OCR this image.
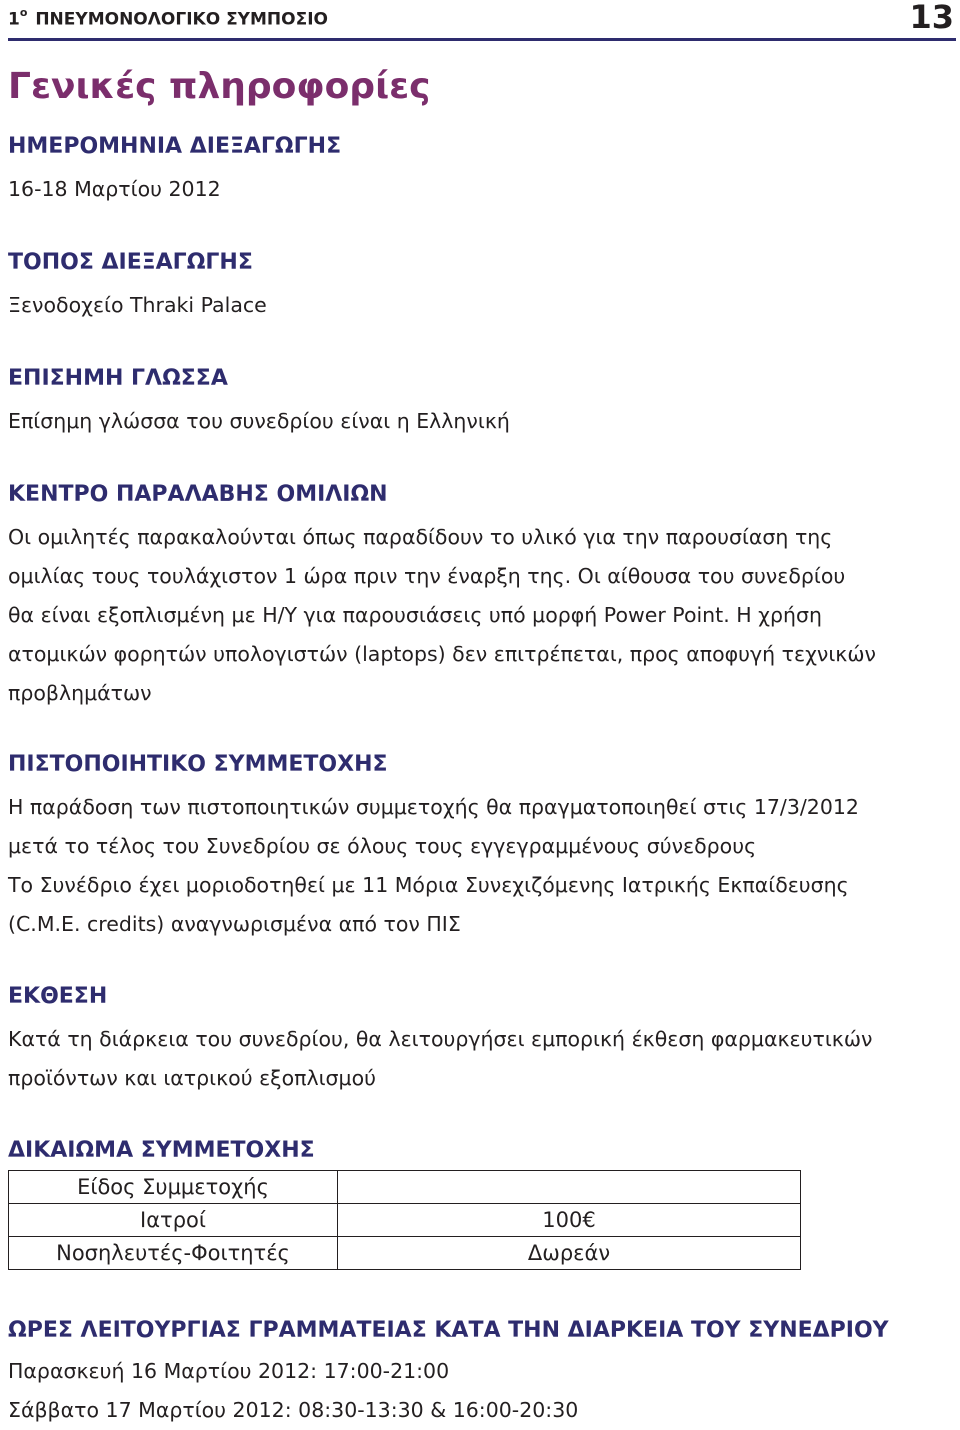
$1^o$ ΠΝΕΥΜΟΝΟΛΟΓΙΚΟ ΣΥΜΠΟΣΙΟ	13
Γενικές πληροφορίες
ΗΜΕΡΟΜΗΝΙΑ ΔΙΕΞΑΓΩΓΗΣ
16-18 Μαρτίου 2012
ΤΟΠΟΣ ΔΙΕΞΑΓΩΓΗΣ
Ξενοδοχείο Thraki Palace
ΕΠΙΣΗΜΗ ΓΛΩΣΣΑ
Επίσημη γλώσσα του συνεδρίου είναι η Ελληνική
ΚΕΝΤΡΟ ΠΑΡΑΛΑΒΗΣ ΟΜΙΛΙΩΝ
Οι ομιλητές παρακαλούνται όπως παραδίδουν το υλικό για την παρουσίαση της
ομιλίας τους τουλάχιστον 1 ώρα πριν την έναρξη της. Οι αίθουσα του συνεδρίου
θα είναι εξοπλισμένη με Η/Υ για παρουσιάσεις υπό μορφή Power Point. Η χρήση
ατομικών φορητών υπολογιστών (laptops) δεν επιτρέπεται, προς αποφυγή τεχνικών
προβλημάτων
ΠΙΣΤΟΠΟΙΗΤΙΚΟ ΣΥΜΜΕΤΟΧΗΣ
Η παράδοση των πιστοποιητικών συμμετοχής θα πραγματοποιηθεί στις 17/3/2012
μετά το τέλος του Συνεδρίου σε όλους τους εγγεγραμμένους σύνεδρους
Το Συνέδριο έχει μοριοδοτηθεί με 11 Μόρια Συνεχιζόμενης Ιατρικής Εκπαίδευσης
(C.M.E. credits) αναγνωρισμένα από τον ΠΙΣ
ΕΚΘΕΣΗ
Κατά τη διάρκεια του συνεδρίου, θα λειτουργήσει εμπορική έκθεση φαρμακευτικών
προϊόντων και ιατρικού εξοπλισμού
ΔΙΚΑΙΩΜΑ ΣΥΜΜΕΤΟΧΗΣ
Είδος Συμμετοχής	
Ιατροί	100€
Νοσηλευτές-Φοιτητές	Δωρεάν
ΩΡΕΣ ΛΕΙΤΟΥΡΓΙΑΣ ΓΡΑΜΜΑΤΕΙΑΣ ΚΑΤΑ ΤΗΝ ΔΙΑΡΚΕΙΑ ΤΟΥ ΣΥΝΕΔΡΙΟΥ
Παρασκευή 16 Μαρτίου 2012: 17:00-21:00
Σάββατο 17 Μαρτίου 2012: 08:30-13:30 & 16:00-20:30
